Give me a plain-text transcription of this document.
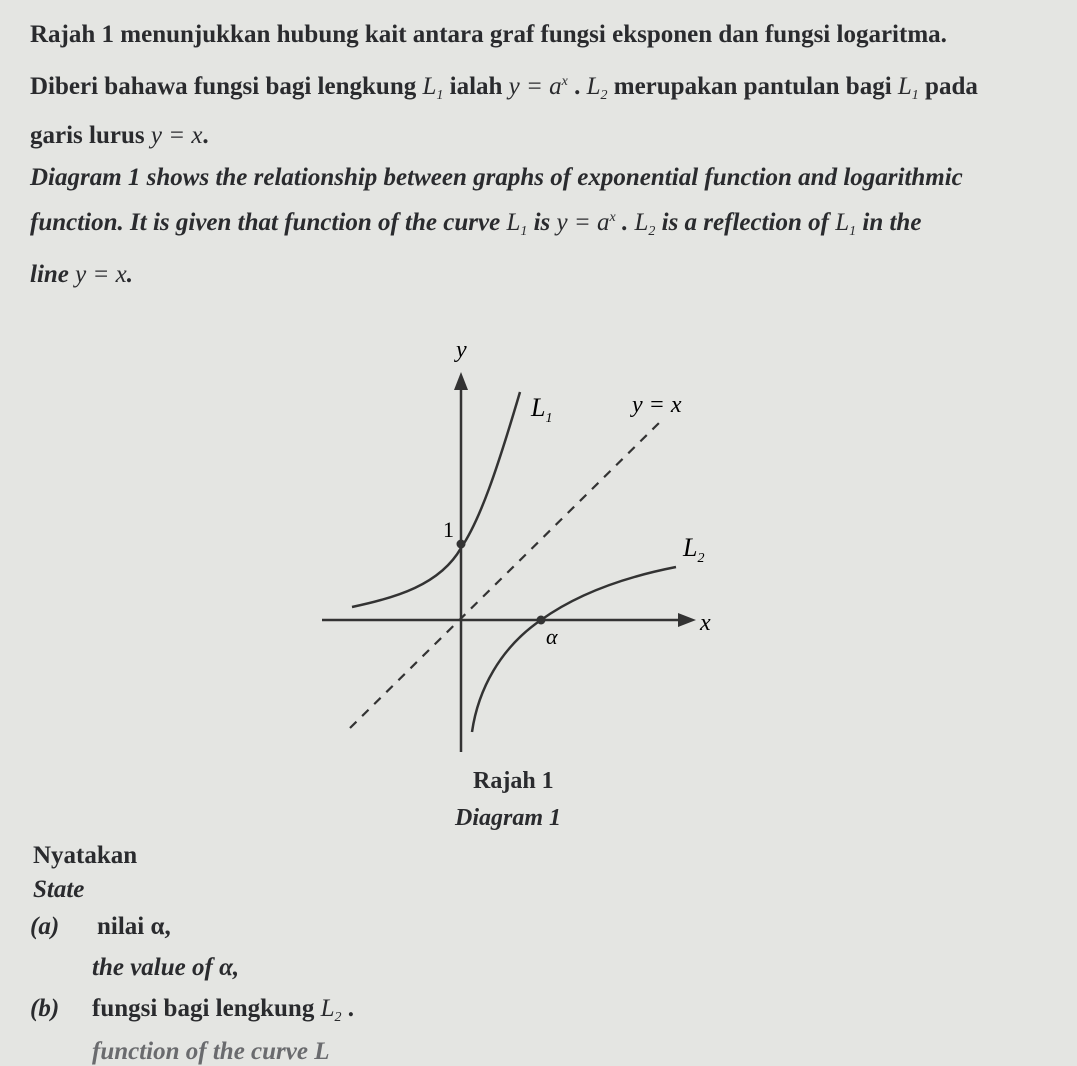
Rajah 1 menunjukkan hubung kait antara graf fungsi eksponen dan fungsi logaritma.
Diberi bahawa fungsi bagi lengkung $L_1$ ialah $y = a^x$ . $L_2$ merupakan pantulan bagi $L_1$ pada
garis lurus y = x.
Diagram 1 shows the relationship between graphs of exponential function and logarithmic
function. It is given that function of the curve $L_1$ is $y = a^x$ . $L_2$ is a reflection of $L_1$ in the
line y = x.
y
x
1
α
y = x
$L_1$
$L_2$
Rajah 1
Diagram 1
Nyatakan
State
(a) nilai α,
the value of α,
(b) fungsi bagi lengkung $L_2$ .
function of the curve L
